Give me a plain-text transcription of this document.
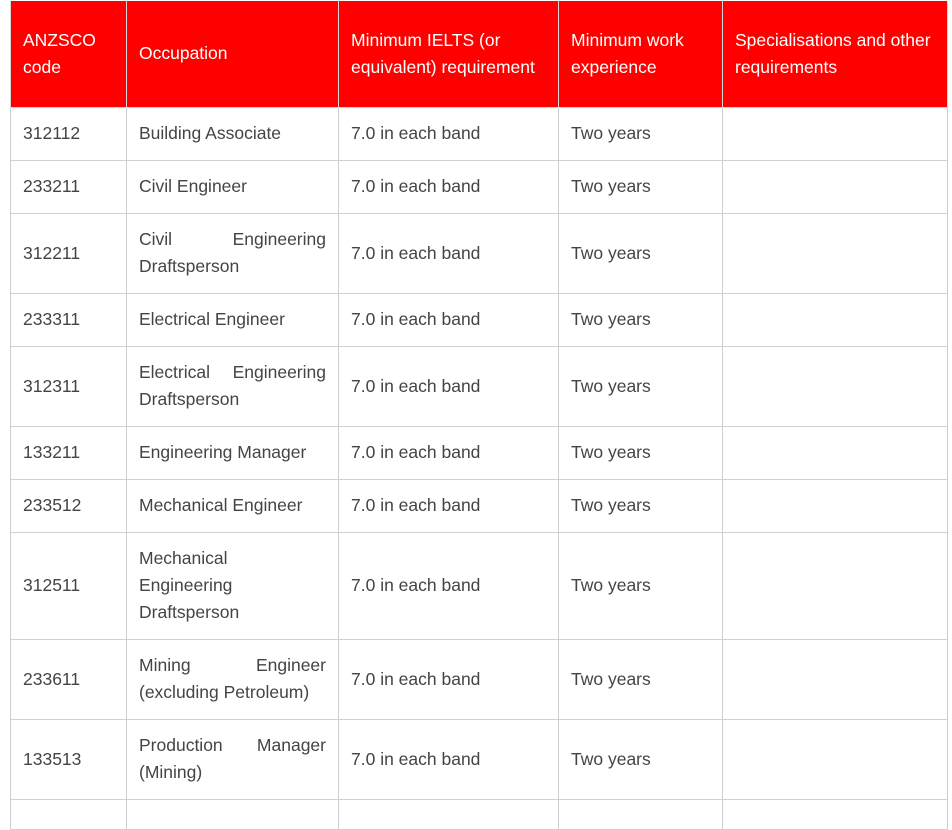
ANZSCO code	Occupation	Minimum IELTS (or equivalent) requirement	Minimum work experience	Specialisations and other requirements
312112	Building Associate	7.0 in each band	Two years	
233211	Civil Engineer	7.0 in each band	Two years	
312211	Civil Engineering Draftsperson	7.0 in each band	Two years	
233311	Electrical Engineer	7.0 in each band	Two years	
312311	Electrical Engineering Draftsperson	7.0 in each band	Two years	
133211	Engineering Manager	7.0 in each band	Two years	
233512	Mechanical Engineer	7.0 in each band	Two years	
312511	Mechanical Engineering Draftsperson	7.0 in each band	Two years	
233611	Mining Engineer (excluding Petroleum)	7.0 in each band	Two years	
133513	Production Manager (Mining)	7.0 in each band	Two years	
